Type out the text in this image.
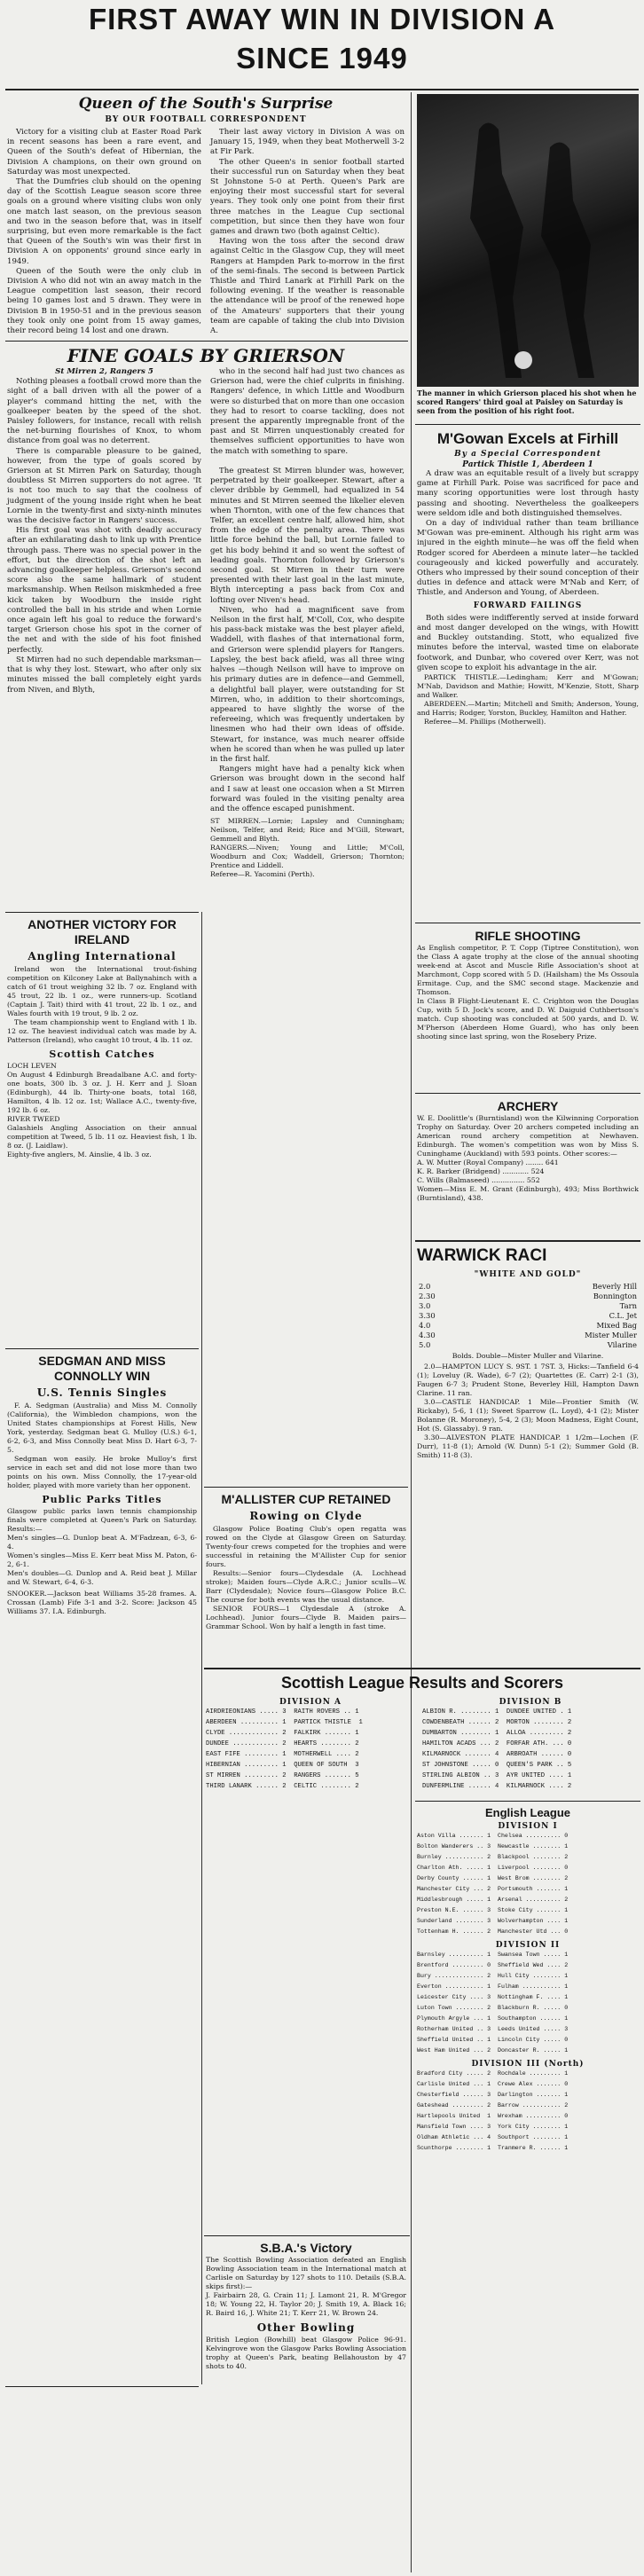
FIRST AWAY WIN IN DIVISION A
SINCE 1949
Queen of the South's Surprise
BY OUR FOOTBALL CORRESPONDENT

Victory for a visiting club at Easter Road Park in recent seasons has been a rare event, and Queen of the South's defeat of Hibernian, the Division A champions, on their own ground on Saturday was most unexpected.

That the Dumfries club should on the opening day of the Scottish League season score three goals on a ground where visiting clubs won only one match last season, on the previous season and two in the season before that, was in itself surprising, but even more remarkable is the fact that Queen of the South's win was their first in Division A on opponents' ground since early in 1949.

Queen of the South were the only club in Division A who did not win an away match in the League competition last season, their record being 10 games lost and 5 drawn. They were in Division B in 1950-51 and in the previous season they took only one point from 15 away games, their record being 14 lost and one drawn.

Their last away victory in Division A was on January 15, 1949, when they beat Motherwell 3-2 at Fir Park.

The other Queen's in senior football started their successful run on Saturday when they beat St Johnstone 5-0 at Perth. Queen's Park are enjoying their most successful start for several years. They took only one point from their first three matches in the League Cup sectional competition, but since then they have won four games and drawn two (both against Celtic).

Having won the toss after the second draw against Celtic in the Glasgow Cup, they will meet Rangers at Hampden Park to-morrow in the first of the semi-finals. The second is between Partick Thistle and Third Lanark at Firhill Park on the following evening. If the weather is reasonable the attendance will be proof of the renewed hope of the Amateurs' supporters that their young team are capable of taking the club into Division A.

The manner in which Grierson placed his shot when he scored Rangers' third goal at Paisley on Saturday is seen from the position of his right foot.
FINE GOALS BY GRIERSON
St Mirren 2, Rangers 5

Nothing pleases a football crowd more than the sight of a ball driven with all the power of a player's command hitting the net, with the goalkeeper beaten by the speed of the shot. Paisley followers, for instance, recall with relish the net-burning flourishes of Knox, to whom distance from goal was no deterrent.

There is comparable pleasure to be gained, however, from the type of goals scored by Grierson at St Mirren Park on Saturday, though doubtless St Mirren supporters do not agree. 'It is not too much to say that the coolness of judgment of the young inside right when he beat Lornie in the twenty-first and sixty-ninth minutes was the decisive factor in Rangers' success.

His first goal was shot with deadly accuracy after an exhilarating dash to link up with Prentice through pass. There was no special power in the effort, but the direction of the shot left an advancing goalkeeper helpless. Grierson's second score also the same hallmark of student marksmanship. When Reilson miskmheded a free kick taken by Woodburn the inside right controlled the ball in his stride and when Lornie once again left his goal to reduce the forward's target Grierson chose his spot in the corner of the net and with the side of his foot finished perfectly.

St Mirren had no such dependable marksman—that is why they lost. Stewart, who after only six minutes missed the ball completely eight yards from Niven, and Blyth,

who in the second half had just two chances as Grierson had, were the chief culprits in finishing. Rangers' defence, in which Little and Woodburn were so disturbed that on more than one occasion they had to resort to coarse tackling, does not present the apparently impregnable front of the past and St Mirren unquestionably created for themselves sufficient opportunities to have won the match with something to spare.

The greatest St Mirren blunder was, however, perpetrated by their goalkeeper. Stewart, after a clever dribble by Gemmell, had equalized in 54 minutes and St Mirren seemed the likelier eleven when Thornton, with one of the few chances that Telfer, an excellent centre half, allowed him, shot from the edge of the penalty area. There was little force behind the ball, but Lornie failed to get his body behind it and so went the softest of leading goals. Thornton followed by Grierson's second goal. St Mirren in their turn were presented with their last goal in the last minute, Blyth intercepting a pass back from Cox and lofting over Niven's head.

Niven, who had a magnificent save from Neilson in the first half, M'Coll, Cox, who despite his pass-back mistake was the best player afield, Waddell, with flashes of that international form, and Grierson were splendid players for Rangers. Lapsley, the best back afield, was all three wing halves —though Neilson will have to improve on his primary duties are in defence—and Gemmell, a delightful ball player, were outstanding for St Mirren, who, in addition to their shortcomings, appeared to have slightly the worse of the refereeing, which was frequently undertaken by linesmen who had their own ideas of offside. Stewart, for instance, was much nearer offside when he scored than when he was pulled up later in the first half.

Rangers might have had a penalty kick when Grierson was brought down in the second half and I saw at least one occasion when a St Mirren forward was fouled in the visiting penalty area and the offence escaped punishment.

ST MIRREN.—Lornie; Lapsley and Cunningham; Neilson, Telfer, and Reid; Rice and M'Gill, Stewart, Gemmell and Blyth.
RANGERS.—Niven; Young and Little; M'Coll, Woodburn and Cox; Waddell, Grierson; Thornton; Prentice and Liddell.
Referee—R. Yacomini (Perth).
M'Gowan Excels at Firhill
By a Special Correspondent
Partick Thistle 1, Aberdeen 1

A draw was an equitable result of a lively but scrappy game at Firhill Park. Poise was sacrificed for pace and many scoring opportunities were lost through hasty passing and shooting. Nevertheless the goalkeepers were seldom idle and both distinguished themselves.

On a day of individual rather than team brilliance M'Gowan was pre-eminent. Although his right arm was injured in the eighth minute—he was off the field when Rodger scored for Aberdeen a minute later—he tackled courageously and kicked powerfully and accurately. Others who impressed by their sound conception of their duties in defence and attack were M'Nab and Kerr, of Thistle, and Anderson and Young, of Aberdeen.

FORWARD FAILINGS

Both sides were indifferently served at inside forward and most danger developed on the wings, with Howitt and Buckley outstanding. Stott, who equalized five minutes before the interval, wasted time on elaborate footwork, and Dunbar, who covered over Kerr, was not given scope to exploit his advantage in the air.

PARTICK THISTLE.—Ledingham; Kerr and M'Gowan; M'Nab, Davidson and Mathie; Howitt, M'Kenzie, Stott, Sharp and Walker.

ABERDEEN.—Martin; Mitchell and Smith; Anderson, Young, and Harris; Rodger, Yorston, Buckley, Hamilton and Hather.

Referee—M. Phillips (Motherwell).

RIFLE SHOOTING
As English competitor, P. T. Copp (Tiptree Constitution), won the Class A agate trophy at the close of the annual shooting week-end at Ascot and Muscle Rifle Association's shoot at Marchmont, Copp scored with 5 D. (Hailsham) the Ms Ossoula Ermitage. Cup, and the SMC second stage. Mackenzie and Thomson.
In Class B Flight-Lieutenant E. C. Crighton won the Douglas Cup, with 5 D. Jock's score, and D. W. Daiguid Cuthbertson's match. Cup shooting was concluded at 500 yards, and D. W. M'Pherson (Aberdeen Home Guard), who has only been shooting since last spring, won the Rosebery Prize.
ARCHERY
W. E. Doolittle's (Burntisland) won the Kilwinning Corporation Trophy on Saturday. Over 20 archers competed including an American round archery competition at Newhaven. Edinburgh. The women's competition was won by Miss S. Cuninghame (Auckland) with 593 points. Other scores:—
A. W. Mutter (Royal Company) ........ 641
K. R. Barker (Bridgend) ............ 524
C. Wills (Balmaseed) ............... 552
Women—Miss E. M. Grant (Edinburgh), 493; Miss Borthwick (Burntisland), 438.
WARWICK RACI
"WHITE AND GOLD"
2.0	Beverly Hill
2.30	Bonnington
3.0	Tarn
3.30	C.L. Jet
4.0	Mixed Bag
4.30	Mister Muller
5.0	Vilarine
Bolds. Double—Mister Muller and Vilarine.

2.0—HAMPTON LUCY S. 9ST. 1 7ST. 3, Hicks:—Tanfield 6-4 (1); Loveluy (R. Wade), 6-7 (2); Quartettes (E. Carr) 2-1 (3), Faugen 6-7 3; Prudent Stone, Beverley Hill, Hampton Dawn Clarine. 11 ran.

3.0—CASTLE HANDICAP. 1 Mile—Frontier Smith (W. Rickaby), 5-6, 1 (1); Sweet Sparrow (L. Loyd), 4-1 (2); Mister Bolanne (R. Moroney), 5-4, 2 (3); Moon Madness, Eight Count, Hot (S. Glassaby). 9 ran.

3.30—ALVESTON PLATE HANDICAP. 1 1/2m—Lochen (F. Durr), 11-8 (1); Arnold (W. Dunn) 5-1 (2); Summer Gold (B. Smith) 11-8 (3).

ANOTHER VICTORY FOR IRELAND
Angling International

Ireland won the International trout-fishing competition on Kilconey Lake at Ballynahinch with a catch of 61 trout weighing 32 lb. 7 oz. England with 45 trout, 22 lb. 1 oz., were runners-up. Scotland (Captain J. Tait) third with 41 trout, 22 lb. 1 oz., and Wales fourth with 19 trout, 9 lb. 2 oz.

The team championship went to England with 1 lb. 12 oz. The heaviest individual catch was made by A. Patterson (Ireland), who caught 10 trout, 4 lb. 11 oz.

Scottish Catches
LOCH LEVEN
On August 4 Edinburgh Breadalbane A.C. and forty-one boats, 300 lb. 3 oz. J. H. Kerr and J. Sloan (Edinburgh), 44 lb. Thirty-one boats, total 168, Hamilton, 4 lb. 12 oz. 1st; Wallace A.C., twenty-five, 192 lb. 6 oz.
RIVER TWEED
Galashiels Angling Association on their annual competition at Tweed, 5 lb. 11 oz. Heaviest fish, 1 lb. 8 oz. (J. Laidlaw).
Eighty-five anglers, M. Ainslie, 4 lb. 3 oz.
SEDGMAN AND MISS CONNOLLY WIN
U.S. Tennis Singles

F. A. Sedgman (Australia) and Miss M. Connolly (California), the Wimbledon champions, won the United States championships at Forest Hills, New York, yesterday. Sedgman beat G. Mulloy (U.S.) 6-1, 6-2, 6-3, and Miss Connolly beat Miss D. Hart 6-3, 7-5.

Sedgman won easily. He broke Mulloy's first service in each set and did not lose more than two points on his own. Miss Connolly, the 17-year-old holder, played with more variety than her opponent.

Public Parks Titles
Glasgow public parks lawn tennis championship finals were completed at Queen's Park on Saturday. Results:—
Men's singles—G. Dunlop beat A. M'Fadzean, 6-3, 6-4.
Women's singles—Miss E. Kerr beat Miss M. Paton, 6-2, 6-1.
Men's doubles—G. Dunlop and A. Reid beat J. Millar and W. Stewart, 6-4, 6-3.
SNOOKER.—Jackson beat Williams 35-28 frames. A. Crossan (Lamb) Fife 3-1 and 3-2. Score: Jackson 45 Williams 37. I.A. Edinburgh.
M'ALLISTER CUP RETAINED
Rowing on Clyde

Glasgow Police Boating Club's open regatta was rowed on the Clyde at Glasgow Green on Saturday. Twenty-four crews competed for the trophies and were successful in retaining the M'Allister Cup for senior fours.

Results:—Senior fours—Clydesdale (A. Lochhead stroke); Maiden fours—Clyde A.R.C.; Junior sculls—W. Barr (Clydesdale); Novice fours—Glasgow Police B.C. The course for both events was the usual distance.

SENIOR FOURS—1 Clydesdale A (stroke A. Lochhead). Junior fours—Clyde B. Maiden pairs—Grammar School. Won by half a length in fast time.

Scottish League Results and Scorers
DIVISION A
AIRDRIEONIANS ..... 3  RAITH ROVERS .. 1
ABERDEEN .......... 1  PARTICK THISTLE  1
CLYDE ............. 2  FALKIRK ....... 1
DUNDEE ............ 2  HEARTS ........ 2
EAST FIFE ......... 1  MOTHERWELL .... 2
HIBERNIAN ......... 1  QUEEN OF SOUTH  3
ST MIRREN ......... 2  RANGERS ....... 5
THIRD LANARK ...... 2  CELTIC ........ 2
DIVISION B
ALBION R. ........ 1  DUNDEE UNITED . 1
COWDENBEATH ...... 2  MORTON ........ 2
DUMBARTON ........ 1  ALLOA ......... 2
HAMILTON ACADS ... 2  FORFAR ATH. ... 0
KILMARNOCK ....... 4  ARBROATH ...... 0
ST JOHNSTONE ..... 0  QUEEN'S PARK .. 5
STIRLING ALBION .. 3  AYR UNITED .... 1
DUNFERMLINE ...... 4  KILMARNOCK .... 2
English League
DIVISION I
Aston Villa ....... 1  Chelsea .......... 0
Bolton Wanderers .. 3  Newcastle ........ 1
Burnley ........... 2  Blackpool ........ 2
Charlton Ath. ..... 1  Liverpool ........ 0
Derby County ...... 1  West Brom ........ 2
Manchester City ... 2  Portsmouth ....... 1
Middlesbrough ..... 1  Arsenal .......... 2
Preston N.E. ...... 3  Stoke City ....... 1
Sunderland ........ 3  Wolverhampton .... 1
Tottenham H. ...... 2  Manchester Utd ... 0
DIVISION II
Barnsley .......... 1  Swansea Town ..... 1
Brentford ......... 0  Sheffield Wed .... 2
Bury .............. 2  Hull City ........ 1
Everton ........... 1  Fulham ........... 1
Leicester City .... 3  Nottingham F. .... 1
Luton Town ........ 2  Blackburn R. ..... 0
Plymouth Argyle ... 1  Southampton ...... 1
Rotherham United .. 3  Leeds United ..... 3
Sheffield United .. 1  Lincoln City ..... 0
West Ham United ... 2  Doncaster R. ..... 1
DIVISION III (North)
Bradford City ..... 2  Rochdale ......... 1
Carlisle United ... 1  Crewe Alex ....... 0
Chesterfield ...... 3  Darlington ....... 1
Gateshead ......... 2  Barrow ........... 2
Hartlepools United  1  Wrexham .......... 0
Mansfield Town .... 3  York City ........ 1
Oldham Athletic ... 4  Southport ........ 1
Scunthorpe ........ 1  Tranmere R. ...... 1
S.B.A.'s Victory
The Scottish Bowling Association defeated an English Bowling Association team in the International match at Carlisle on Saturday by 127 shots to 110. Details (S.B.A. skips first):—
J. Fairbairn 28, G. Crain 11; J. Lamont 21, R. M'Gregor 18; W. Young 22, H. Taylor 20; J. Smith 19, A. Black 16; R. Baird 16, J. White 21; T. Kerr 21, W. Brown 24.
Other Bowling
British Legion (Bowhill) beat Glasgow Police 96-91. Kelvingrove won the Glasgow Parks Bowling Association trophy at Queen's Park, beating Bellahouston by 47 shots to 40.
